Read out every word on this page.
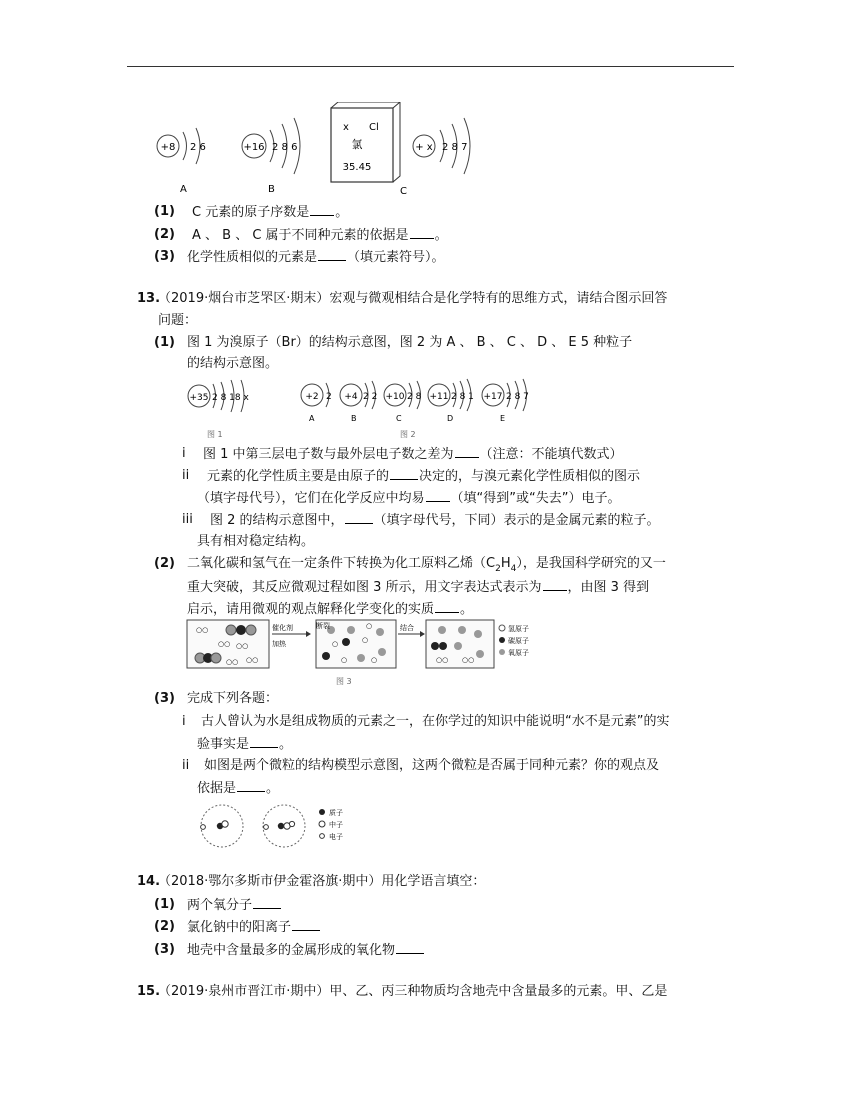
+8 2 6
A
+16 2 8 6
B
x Cl
氯
35.45
+ x 2 8 7
C
(1) C 元素的原子序数是 。
(2) A 、 B 、 C 属于不同种元素的依据是 。
(3) 化学性质相似的元素是 （填元素符号）。
13.
（2019·烟台市芝罘区·期末）宏观与微观相结合是化学特有的思维方式，请结合图示回答
问题：
(1) 图 1 为溴原子（Br）的结构示意图，图 2 为 A 、 B 、 C 、 D 、 E 5 种粒子
的结构示意图。
+35 2 8 18 x
图 1
+2 2
A
+4 2 2
B
+10 2 8
C
+11 2 8 1
D
+17 2 8 7
E
图 2
i 图 1 中第三层电子数与最外层电子数之差为 （注意：不能填代数式）
ii 元素的化学性质主要是由原子的 决定的，与溴元素化学性质相似的图示
（填字母代号），它们在化学反应中均易 （填“得到”或“失去”）电子。
iii 图 2 的结构示意图中， （填字母代号，下同）表示的是金属元素的粒子。
具有相对稳定结构。
(2) 二氧化碳和氢气在一定条件下转换为化工原料乙烯$(C_2H_4)$，是我国科学研究的又一
重大突破，其反应微观过程如图 3 所示，用文字表达式表示为 ，由图 3 得到
启示，请用微观的观点解释化学变化的实质 。
○○
○○ ○○
○○
○○
催化剂
加热	○
○
○
○
○
断裂	结合
○○ ○○
氢原子
碳原子
氧原子
图 3
(3) 完成下列各题：
i 古人曾认为水是组成物质的元素之一，在你学过的知识中能说明“水不是元素”的实
验事实是 。
ii 如图是两个微粒的结构模型示意图，这两个微粒是否属于同种元素？你的观点及
依据是 。
质子
中子
电子
14.
（2018·鄂尔多斯市伊金霍洛旗·期中）用化学语言填空：
(1) 两个氧分子
(2) 氯化钠中的阳离子
(3) 地壳中含量最多的金属形成的氧化物
15.
（2019·泉州市晋江市·期中）甲、乙、丙三种物质均含地壳中含量最多的元素。甲、乙是
